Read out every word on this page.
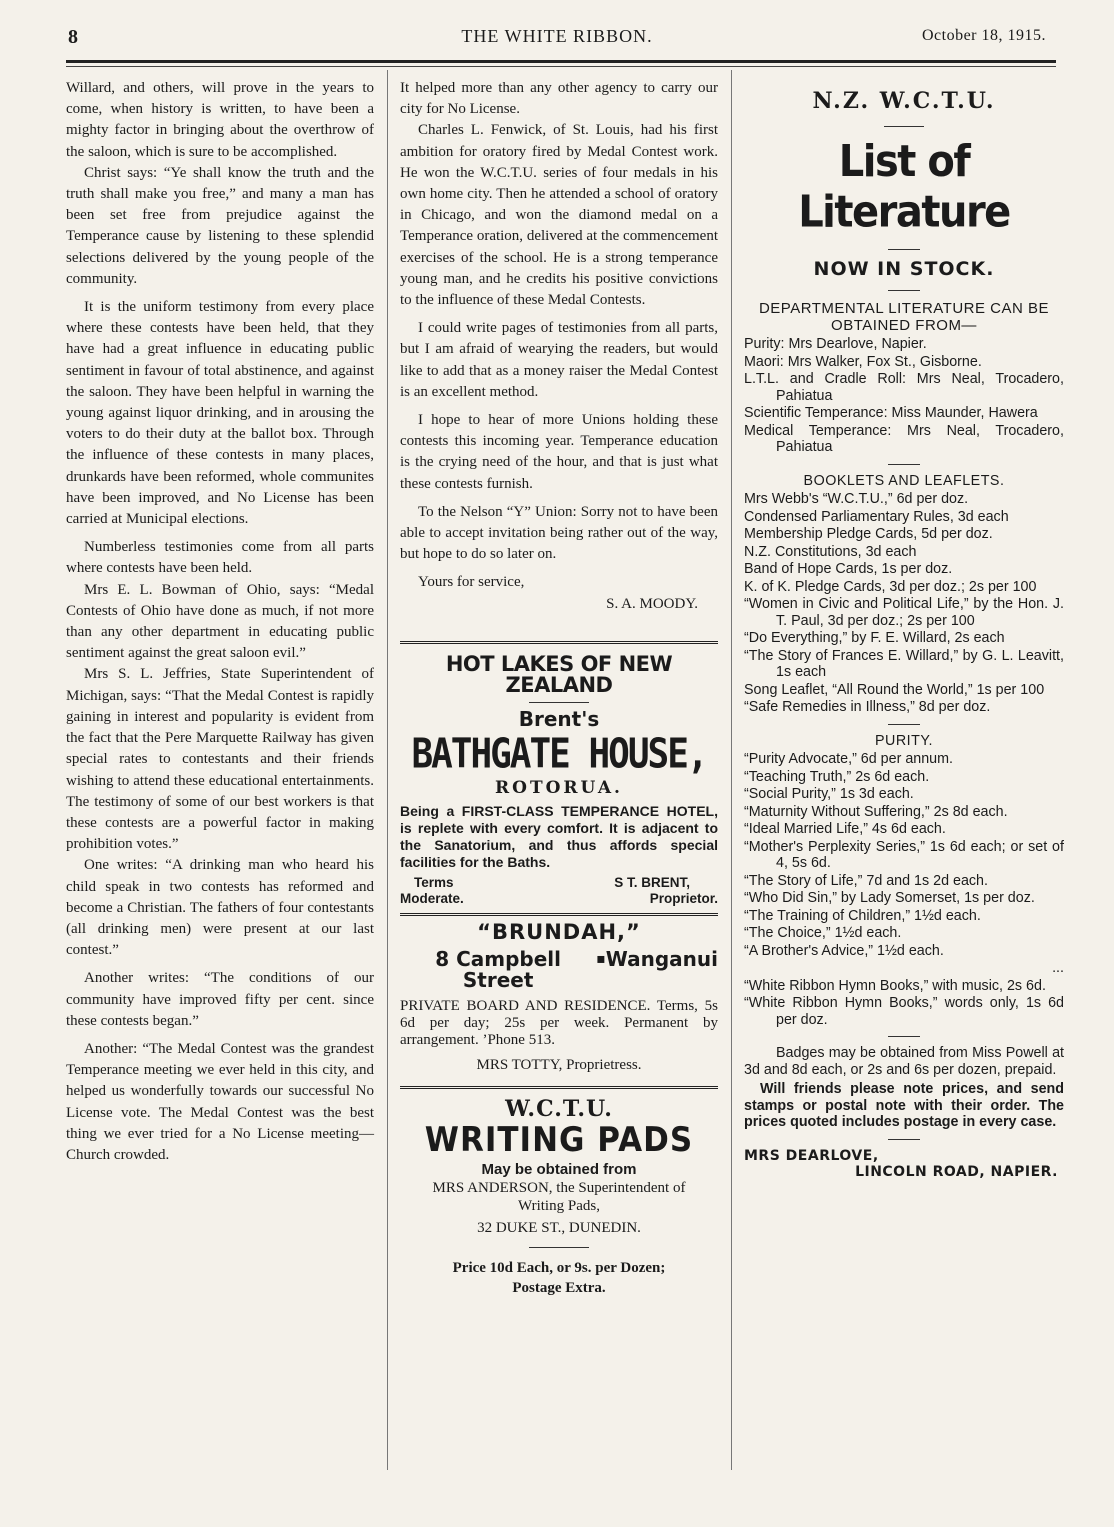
8	THE WHITE RIBBON.	October 18, 1915.

Willard, and others, will prove in the years to come, when history is written, to have been a mighty factor in bringing about the overthrow of the saloon, which is sure to be accomplished.

Christ says: “Ye shall know the truth and the truth shall make you free,” and many a man has been set free from prejudice against the Temperance cause by listening to these splendid selections delivered by the young people of the community.

It is the uniform testimony from every place where these contests have been held, that they have had a great influence in educating public sentiment in favour of total abstinence, and against the saloon. They have been helpful in warning the young against liquor drinking, and in arousing the voters to do their duty at the ballot box. Through the influence of these contests in many places, drunkards have been reformed, whole communites have been improved, and No License has been carried at Municipal elections.

Numberless testimonies come from all parts where contests have been held.

Mrs E. L. Bowman of Ohio, says: “Medal Contests of Ohio have done as much, if not more than any other department in educating public sentiment against the great saloon evil.”

Mrs S. L. Jeffries, State Superintendent of Michigan, says: “That the Medal Contest is rapidly gaining in interest and popularity is evident from the fact that the Pere Marquette Railway has given special rates to contestants and their friends wishing to attend these educational entertainments. The testimony of some of our best workers is that these contests are a powerful factor in making prohibition votes.”

One writes: “A drinking man who heard his child speak in two contests has reformed and become a Christian. The fathers of four contestants (all drinking men) were present at our last contest.”

Another writes: “The conditions of our community have improved fifty per cent. since these contests began.”

Another: “The Medal Contest was the grandest Temperance meeting we ever held in this city, and helped us wonderfully towards our successful No License vote. The Medal Contest was the best thing we ever tried for a No License meeting—Church crowded.

It helped more than any other agency to carry our city for No License.

Charles L. Fenwick, of St. Louis, had his first ambition for oratory fired by Medal Contest work. He won the W.C.T.U. series of four medals in his own home city. Then he attended a school of oratory in Chicago, and won the diamond medal on a Temperance oration, delivered at the commencement exercises of the school. He is a strong temperance young man, and he credits his positive convictions to the influence of these Medal Contests.

I could write pages of testimonies from all parts, but I am afraid of wearying the readers, but would like to add that as a money raiser the Medal Contest is an excellent method.

I hope to hear of more Unions holding these contests this incoming year. Temperance education is the crying need of the hour, and that is just what these contests furnish.

To the Nelson “Y” Union: Sorry not to have been able to accept invitation being rather out of the way, but hope to do so later on.

Yours for service,

S. A. MOODY.
HOT LAKES OF NEW ZEALAND
Brent's
BATHGATE HOUSE,
ROTORUA.
Being a FIRST-CLASS TEMPERANCE HOTEL, is replete with every comfort. It is adjacent to the Sanatorium, and thus affords special facilities for the Baths.
Terms
Moderate.
S T. BRENT,
Proprietor.
“BRUNDAH,”
8 Campbell Street
▪ Wanganui
PRIVATE BOARD AND RESIDENCE. Terms, 5s 6d per day; 25s per week. Permanent by arrangement. ’Phone 513.
MRS TOTTY, Proprietress.
W.C.T.U.
WRITING PADS
May be obtained from
MRS ANDERSON, the Superintendent of Writing Pads,
32 DUKE ST., DUNEDIN.
Price 10d Each, or 9s. per Dozen;
Postage Extra.
N.Z. W.C.T.U.
List of Literature
NOW IN STOCK.
DEPARTMENTAL LITERATURE CAN BE OBTAINED FROM—
Purity: Mrs Dearlove, Napier.
Maori: Mrs Walker, Fox St., Gisborne.
L.T.L. and Cradle Roll: Mrs Neal, Trocadero, Pahiatua
Scientific Temperance: Miss Maunder, Hawera
Medical Temperance: Mrs Neal, Trocadero, Pahiatua
BOOKLETS AND LEAFLETS.
Mrs Webb's “W.C.T.U.,” 6d per doz.
Condensed Parliamentary Rules, 3d each
Membership Pledge Cards, 5d per doz.
N.Z. Constitutions, 3d each
Band of Hope Cards, 1s per doz.
K. of K. Pledge Cards, 3d per doz.; 2s per 100
“Women in Civic and Political Life,” by the Hon. J. T. Paul, 3d per doz.; 2s per 100
“Do Everything,” by F. E. Willard, 2s each
“The Story of Frances E. Willard,” by G. L. Leavitt, 1s each
Song Leaflet, “All Round the World,” 1s per 100
“Safe Remedies in Illness,” 8d per doz.
PURITY.
“Purity Advocate,” 6d per annum.
“Teaching Truth,” 2s 6d each.
“Social Purity,” 1s 3d each.
“Maturnity Without Suffering,” 2s 8d each.
“Ideal Married Life,” 4s 6d each.
“Mother's Perplexity Series,” 1s 6d each; or set of 4, 5s 6d.
“The Story of Life,” 7d and 1s 2d each.
“Who Did Sin,” by Lady Somerset, 1s per doz.
“The Training of Children,” 1½d each.
“The Choice,” 1½d each.
“A Brother's Advice,” 1½d each.
...
“White Ribbon Hymn Books,” with music, 2s 6d.
“White Ribbon Hymn Books,” words only, 1s 6d per doz.
Badges may be obtained from Miss Powell at 3d and 8d each, or 2s and 6s per dozen, prepaid.
Will friends please note prices, and send stamps or postal note with their order. The prices quoted includes postage in every case.
MRS DEARLOVE,
LINCOLN ROAD, NAPIER.
